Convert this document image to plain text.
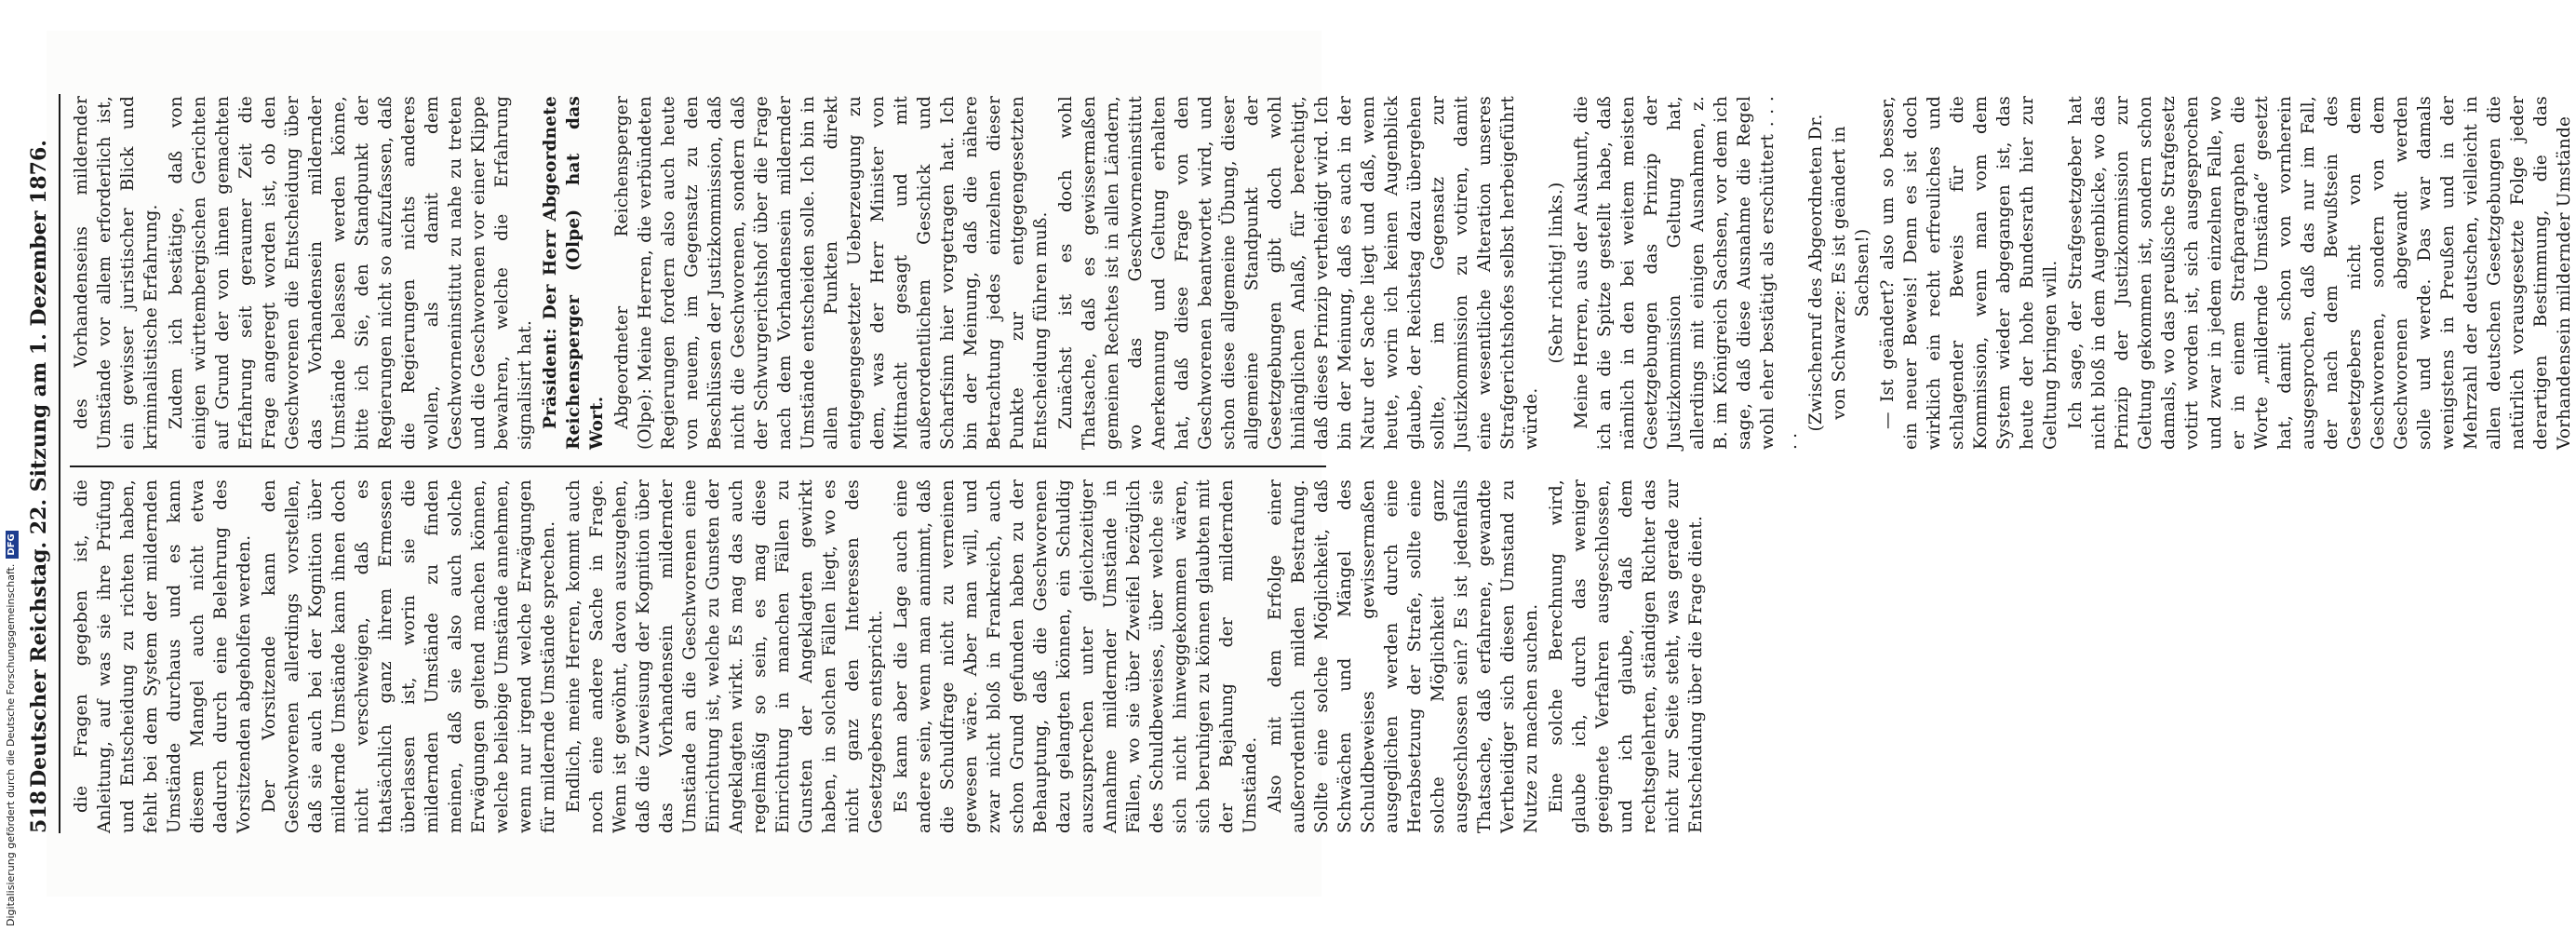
518
Deutscher Reichstag. 22. Sitzung am 1. Dezember 1876. die Fragen gegeben ist, die Anleitung, auf was sie ihre Prüfung und Entscheidung zu richten haben, fehlt bei dem System der mildernden Umstände durchaus und es kann diesem Mangel auch nicht etwa dadurch durch eine Belehrung des Vorsitzenden abgeholfen werden. Der Vorsitzende kann den Geschworenen allerdings vorstellen, daß sie auch bei der Kognition über mildernde Umstände kann ihnen doch nicht verschweigen, daß es thatsächlich ganz ihrem Ermessen überlassen ist, worin sie die mildernden Umstände zu finden meinen, daß sie also auch solche Erwägungen geltend machen können, welche beliebige Umstände annehmen, wenn nur irgend welche Erwägungen für mildernde Umstände sprechen. Endlich, meine Herren, kommt auch noch eine andere Sache in Frage. Wenn ist gewöhnt, davon auszugehen, daß die Zuweisung der Kognition über das Vorhandensein mildernder Umstände an die Geschworenen eine Einrichtung ist, welche zu Gunsten der Angeklagten wirkt. Es mag das auch regelmäßig so sein, es mag diese Einrichtung in manchen Fällen zu Gunsten der Angeklagten gewirkt haben, in solchen Fällen liegt, wo es nicht ganz den Interessen des Gesetzgebers entspricht. Es kann aber die Lage auch eine andere sein, wenn man annimmt, daß die Schuldfrage nicht zu verneinen gewesen wäre. Aber man will, und zwar nicht bloß in Frankreich, auch schon Grund gefunden haben zu der Behauptung, daß die Geschworenen dazu gelangten können, ein Schuldig auszusprechen unter gleichzeitiger Annahme mildernder Umstände in Fällen, wo sie über Zweifel bezüglich des Schuldbeweises, über welche sie sich nicht hinweggekommen wären, sich beruhigen zu können glaubten mit der Bejahung der mildernden Umstände. Also mit dem Erfolge einer außerordentlich milden Bestrafung. Sollte eine solche Möglichkeit, daß Schwächen und Mängel des Schuldbeweises gewissermaßen ausgeglichen werden durch eine Herabsetzung der Strafe, sollte eine solche Möglichkeit ganz ausgeschlossen sein? Es ist jedenfalls Thatsache, daß erfahrene, gewandte Vertheidiger sich diesen Umstand zu Nutze zu machen suchen. Eine solche Berechnung wird, glaube ich, durch das weniger geeignete Verfahren ausgeschlossen, und ich glaube, daß dem rechtsgelehrten, ständigen Richter das nicht zur Seite steht, was gerade zur Entscheidung über die Frage dient.

des Vorhandenseins mildernder Umstände vor allem erforderlich ist, ein gewisser juristischer Blick und kriminalistische Erfahrung. Zudem ich bestätige, daß von einigen württembergischen Gerichten auf Grund der von ihnen gemachten Erfahrung seit geraumer Zeit die Frage angeregt worden ist, ob den Geschworenen die Entscheidung über das Vorhandensein mildernder Umstände belassen werden könne, bitte ich Sie, den Standpunkt der Regierungen nicht so aufzufassen, daß die Regierungen nichts anderes wollen, als damit dem Geschworneninstitut zu nahe zu treten und die Geschworenen vor einer Klippe bewahren, welche die Erfahrung signalisirt hat. Präsident: Der Herr Abgeordnete Reichensperger (Olpe) hat das Wort. Abgeordneter Reichensperger (Olpe): Meine Herren, die verbündeten Regierungen fordern also auch heute von neuem, im Gegensatz zu den Beschlüssen der Justizkommission, daß nicht die Geschworenen, sondern daß der Schwurgerichtshof über die Frage nach dem Vorhandensein mildernder Umstände entscheiden solle. Ich bin in allen Punkten direkt entgegengesetzter Ueberzeugung zu dem, was der Herr Minister von Mittnacht gesagt und mit außerordentlichem Geschick und Scharfsinn hier vorgetragen hat. Ich bin der Meinung, daß die nähere Betrachtung jedes einzelnen dieser Punkte zur entgegengesetzten Entscheidung führen muß. Zunächst ist es doch wohl Thatsache, daß es gewissermaßen gemeinen Rechtes ist in allen Ländern, wo das Geschworneninstitut Anerkennung und Geltung erhalten hat, daß diese Frage von den Geschworenen beantwortet wird, und schon diese allgemeine Übung, dieser allgemeine Standpunkt der Gesetzgebungen gibt doch wohl hinlänglichen Anlaß, für berechtigt, daß dieses Prinzip vertheidigt wird. Ich bin der Meinung, daß es auch in der Natur der Sache liegt und daß, wenn heute, worin ich keinen Augenblick glaube, der Reichstag dazu übergehen sollte, im Gegensatz zur Justizkommission zu votiren, damit eine wesentliche Alteration unseres Strafgerichtshofes selbst herbeigeführt würde.

(Sehr richtig! links.) Meine Herren, aus der Auskunft, die ich an die Spitze gestellt habe, daß nämlich in den bei weitem meisten Gesetzgebungen das Prinzip der Justizkommission Geltung hat, allerdings mit einigen Ausnahmen, z. B. im Königreich Sachsen, vor dem ich sage, daß diese Ausnahme die Regel wohl eher bestätigt als erschüttert . . . . .

(Zwischenruf des Abgeordneten Dr. von Schwarze: Es ist geändert in Sachsen!) — Ist geändert? also um so besser, ein neuer Beweis! Denn es ist doch wirklich ein recht erfreuliches und schlagender Beweis für die Kommission, wenn man vom dem System wieder abgegangen ist, das heute der hohe Bundesrath hier zur Geltung bringen will. Ich sage, der Strafgesetzgeber hat nicht bloß in dem Augenblicke, wo das Prinzip der Justizkommission zur Geltung gekommen ist, sondern schon damals, wo das preußische Strafgesetz votirt worden ist, sich ausgesprochen und zwar in jedem einzelnen Falle, wo er in einem Strafparagraphen die Worte „mildernde Umstände“ gesetzt hat, damit schon von vornherein ausgesprochen, daß das nur im Fall, der nach dem Bewußtsein des Gesetzgebers nicht von dem Geschworenen, sondern von dem Geschworenen abgewandt werden solle und werde. Das war damals wenigstens in Preußen und in der Mehrzahl der deutschen, vielleicht in allen deutschen Gesetzgebungen die natürlich vorausgesetzte Folge jeder derartigen Bestimmung, die das Vorhandensein mildernder Umstände

Digitalisierung gefördert durch die Deutsche Forschungsgemeinschaft.DFG
